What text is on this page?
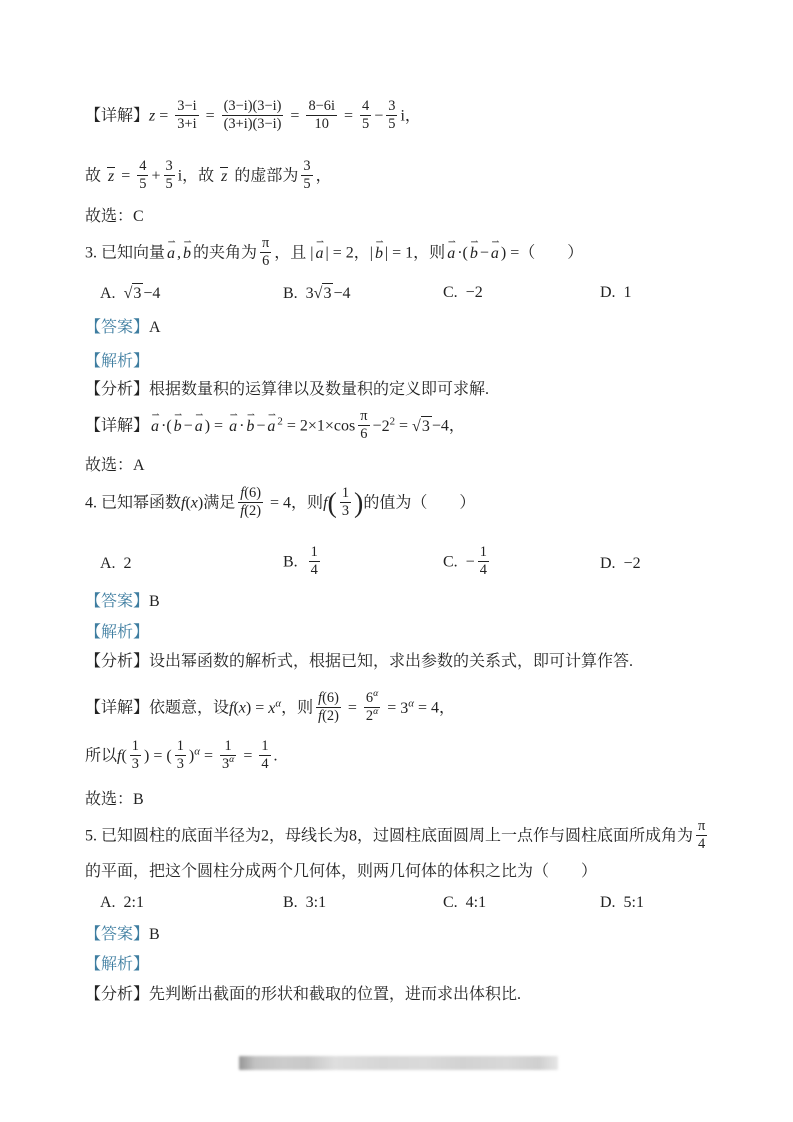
【详解】$z = \frac{3-i}{3+i} = \frac{(3-i)(3-i)}{(3+i)(3-i)} = \frac{8-6i}{10} = \frac{4}{5} - \frac{3}{5}$ i，
故 $z = \frac{4}{5} + \frac{3}{5}$ i，故 z 的虚部为 $\frac{3}{5}$ ，
故选：C
3. 已知向量 a ⇀ , b ⇀ 的夹角为 $\frac{\pi}{6}$ ，且 | a ⇀ | = 2，| b ⇀ | = 1，则 a ⇀ ·( b ⇀ − a ⇀ ) =（　　）
A.  √3 −4	B.  3√3 −4	C.  −2	D.  1
【答案】A
【解析】
【分析】根据数量积的运算律以及数量积的定义即可求解.
【详解】 a ⇀ ·( b ⇀ − a ⇀ ) = a ⇀ · b ⇀ − a ⇀ $^2 = 2\times 1\times\cos \frac{\pi}{6} -2^2 = √3 -4$，
故选：A
4. 已知幂函数f(x)满足 $\frac{f(6)}{f(2)} = 4$，则$f( \frac{1}{3}$ )的值为（　　）
A.  2	B. $\frac{1}{4}$	C.  − $\frac{1}{4}$	D.  −2
【答案】B
【解析】
【分析】设出幂函数的解析式，根据已知，求出参数的关系式，即可计算作答.
【详解】依题意，设$f(x) = x^\alpha$，则 $\frac{f(6)}{f(2)} = \frac{6^\alpha}{2^\alpha} = 3^\alpha = 4$，
所以$f( \frac{1}{3}$ ) = ( $\frac{1}{3} )^\alpha = \frac{1}{3^\alpha} = \frac{1}{4}$ .
故选：B
5. 已知圆柱的底面半径为2，母线长为8，过圆柱底面圆周上一点作与圆柱底面所成角为 $\frac{\pi}{4}$
的平面，把这个圆柱分成两个几何体，则两几何体的体积之比为（　　）
A.  2:1	B.  3:1	C.  4:1	D.  5:1
【答案】B
【解析】
【分析】先判断出截面的形状和截取的位置，进而求出体积比.
